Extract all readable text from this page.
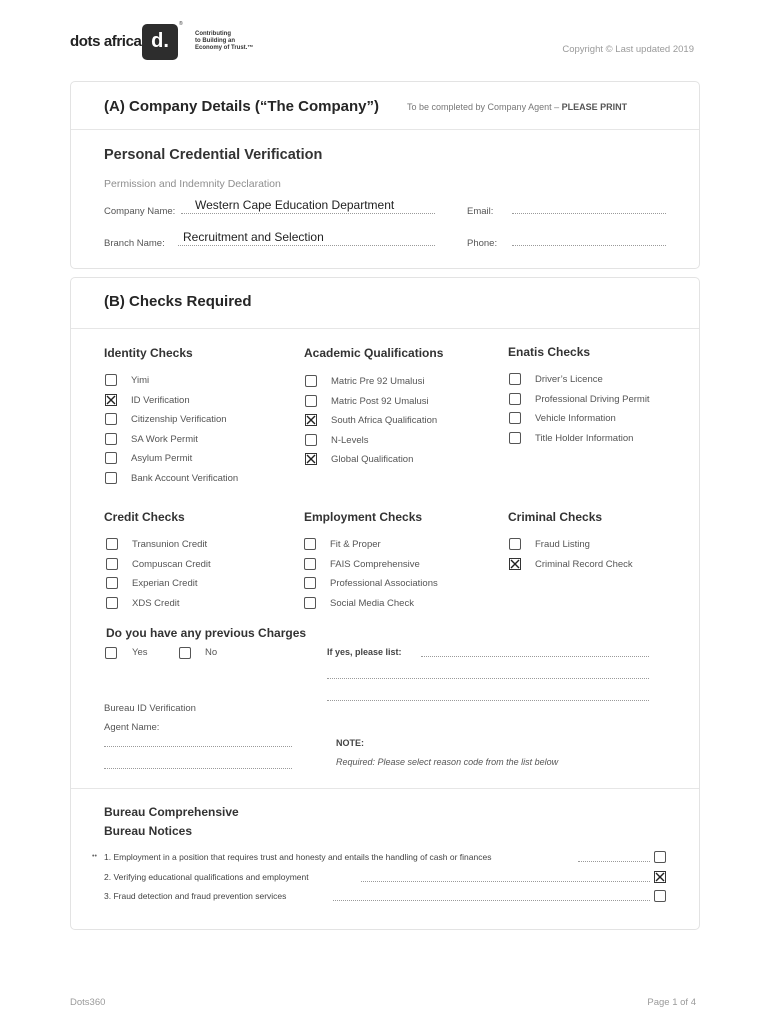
dots africa d.
®
Contributing
to Building an
Economy of Trust.™	Copyright © Last updated 2019
(A) Company Details (“The Company”)	To be completed by Company Agent – PLEASE PRINT
Personal Credential Verification
Permission and Indemnity Declaration
Company Name: Western Cape Education Department	Email:
Branch Name: Recruitment and Selection	Phone:
(B) Checks Required
Identity Checks	Academic Qualifications	Enatis Checks
Yimi
ID Verification
Citizenship Verification
SA Work Permit
Asylum Permit
Bank Account Verification
Matric Pre 92 Umalusi
Matric Post 92 Umalusi
South Africa Qualification
N-Levels
Global Qualification
Driver’s Licence
Professional Driving Permit
Vehicle Information
Title Holder Information
Credit Checks	Employment Checks	Criminal Checks
Transunion Credit
Compuscan Credit
Experian Credit
XDS Credit
Fit & Proper
FAIS Comprehensive
Professional Associations
Social Media Check
Fraud Listing
Criminal Record Check
Do you have any previous Charges
Yes	No	If yes, please list:
Bureau ID Verification
Agent Name:
NOTE:
Required: Please select reason code from the list below
Bureau Comprehensive
Bureau Notices
•• 1. Employment in a position that requires trust and honesty and entails the handling of cash or finances
2. Verifying educational qualifications and employment
3. Fraud detection and fraud prevention services
Dots360	Page 1 of 4
